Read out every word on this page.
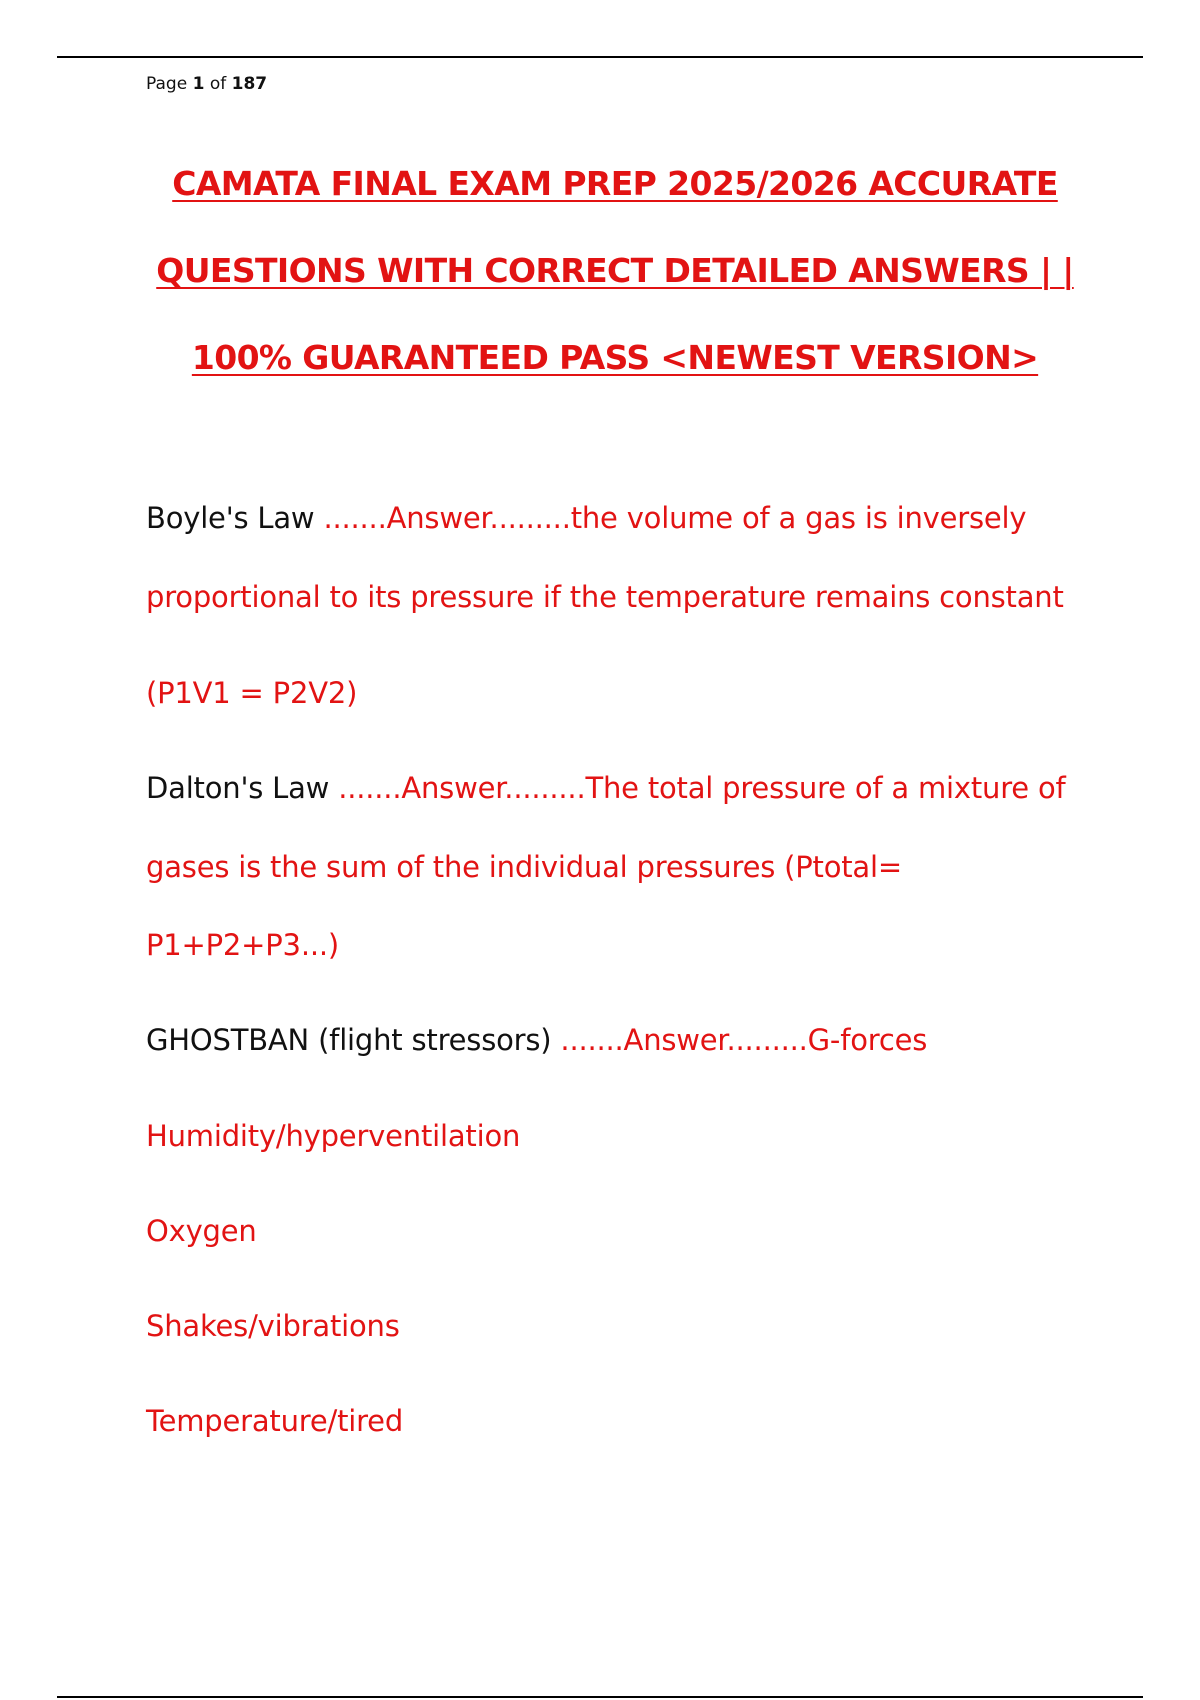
Page 1 of 187
CAMATA FINAL EXAM PREP 2025/2026 ACCURATE
QUESTIONS WITH CORRECT DETAILED ANSWERS | |
100% GUARANTEED PASS <NEWEST VERSION>
Boyle's Law .......Answer.........the volume of a gas is inversely
proportional to its pressure if the temperature remains constant
(P1V1 = P2V2)
Dalton's Law .......Answer.........The total pressure of a mixture of
gases is the sum of the individual pressures (Ptotal=
P1+P2+P3...)
GHOSTBAN (flight stressors) .......Answer.........G-forces
Humidity/hyperventilation
Oxygen
Shakes/vibrations
Temperature/tired
